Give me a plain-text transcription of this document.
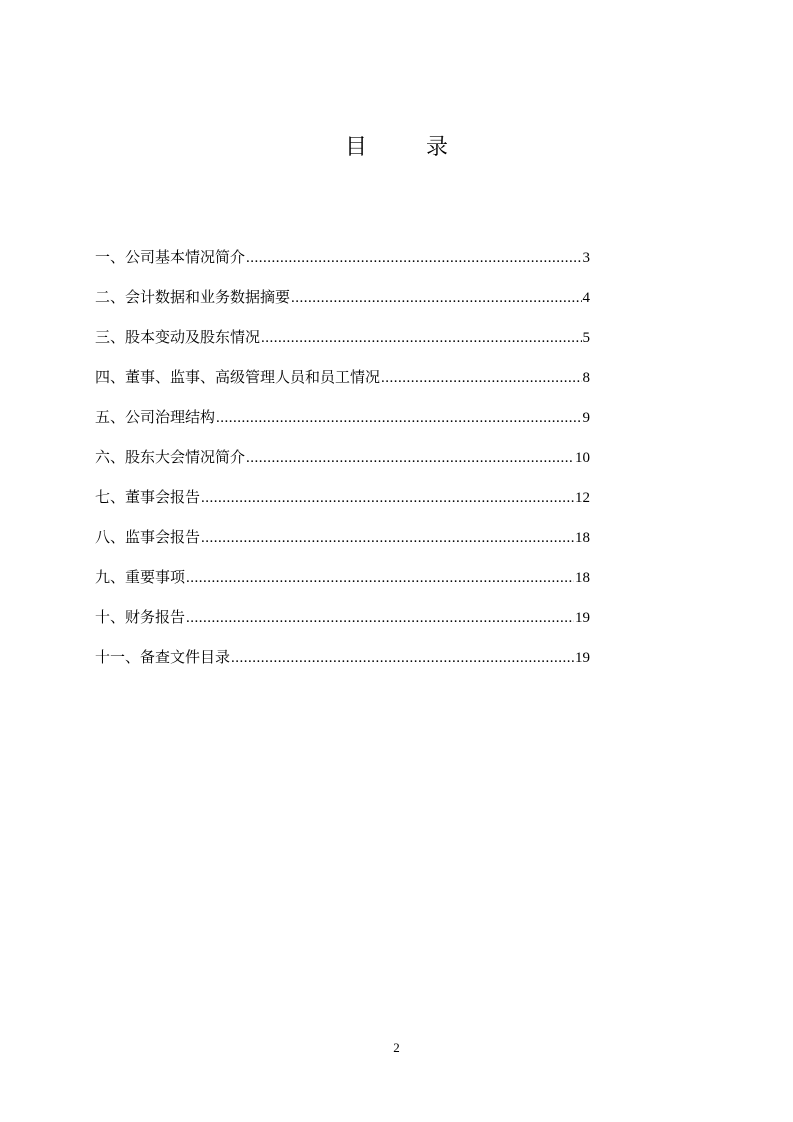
目 录
一、公司基本情况简介 .....	3
二、会计数据和业务数据摘要 .....	4
三、股本变动及股东情况 .....	5
四、董事、监事、高级管理人员和员工情况 .....	8
五、公司治理结构 .....	9
六、股东大会情况简介 .....	10
七、董事会报告 .....	12
八、监事会报告 .....	18
九、重要事项 .....	18
十、财务报告 .....	19
十一、备查文件目录 .....	19
2
